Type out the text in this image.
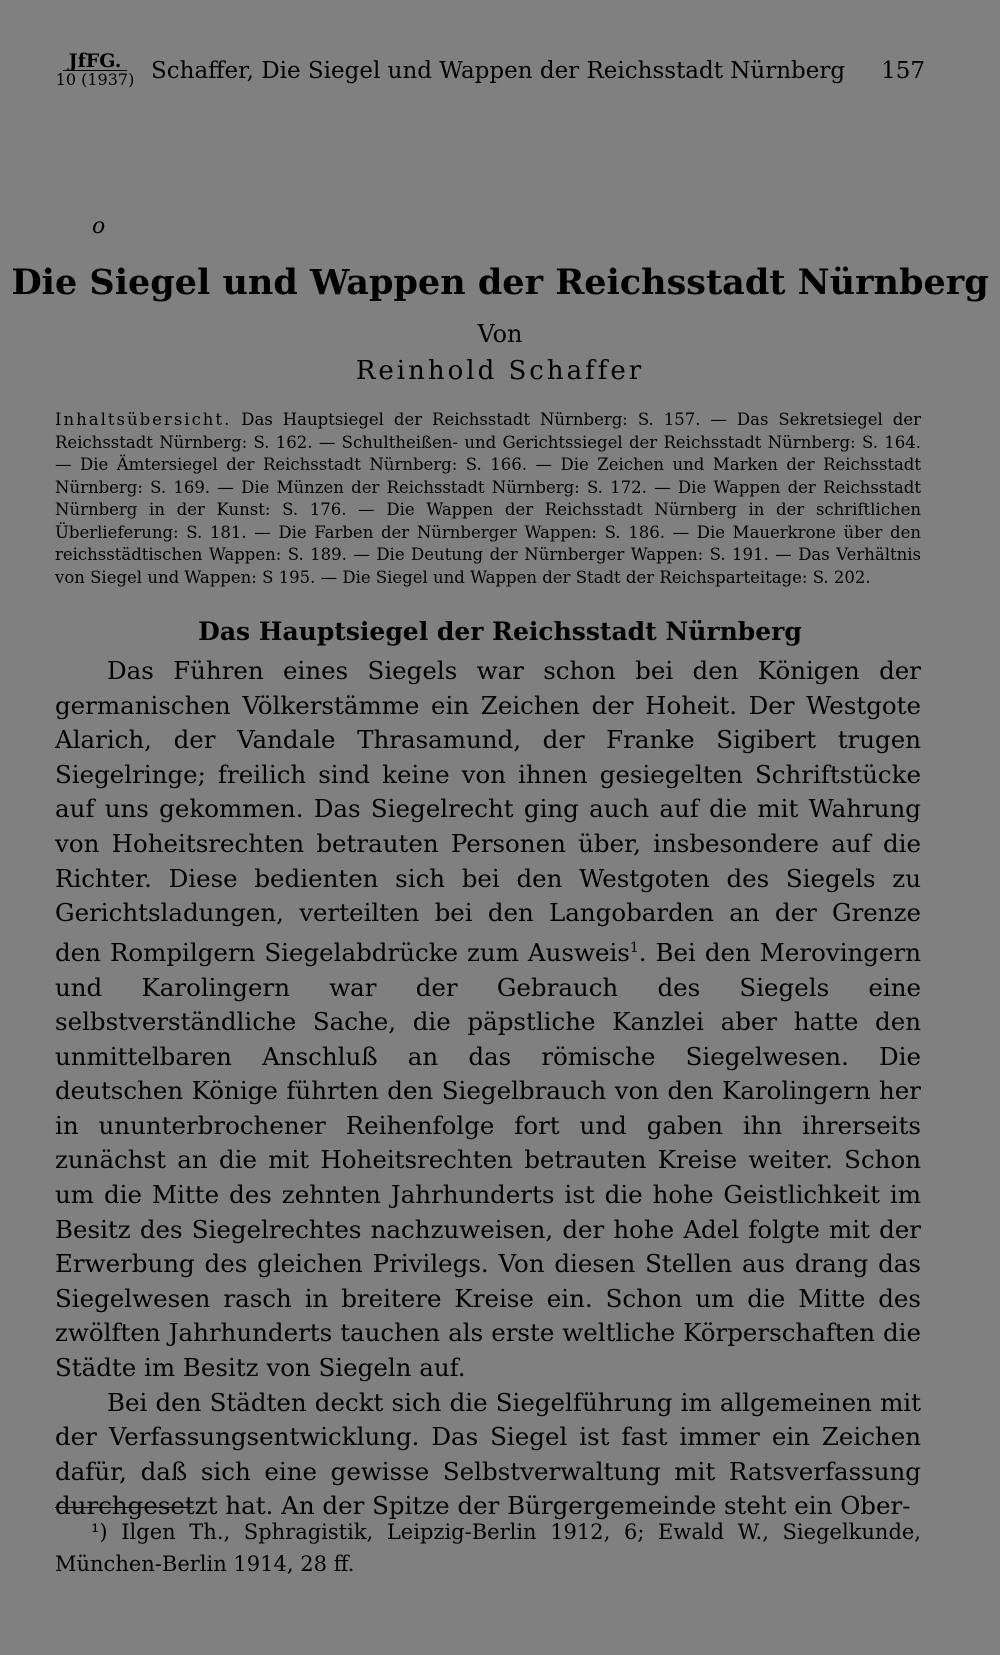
JfFG.
10 (1937) Schaffer, Die Siegel und Wappen der Reichsstadt Nürnberg 157
o
Die Siegel und Wappen der Reichsstadt Nürnberg
Von
Reinhold Schaffer
Inhaltsübersicht. Das Hauptsiegel der Reichsstadt Nürnberg: S. 157. — Das Sekretsiegel der Reichsstadt Nürnberg: S. 162. — Schultheißen- und Gerichtssiegel der Reichsstadt Nürnberg: S. 164. — Die Ämtersiegel der Reichsstadt Nürnberg: S. 166. — Die Zeichen und Marken der Reichsstadt Nürnberg: S. 169. — Die Münzen der Reichsstadt Nürnberg: S. 172. — Die Wappen der Reichsstadt Nürnberg in der Kunst: S. 176. — Die Wappen der Reichsstadt Nürnberg in der schriftlichen Überlieferung: S. 181. — Die Farben der Nürnberger Wappen: S. 186. — Die Mauerkrone über den reichsstädtischen Wappen: S. 189. — Die Deutung der Nürnberger Wappen: S. 191. — Das Verhältnis von Siegel und Wappen: S 195. — Die Siegel und Wappen der Stadt der Reichsparteitage: S. 202.
Das Hauptsiegel der Reichsstadt Nürnberg

Das Führen eines Siegels war schon bei den Königen der germanischen Völkerstämme ein Zeichen der Hoheit. Der Westgote Alarich, der Vandale Thrasamund, der Franke Sigibert trugen Siegelringe; freilich sind keine von ihnen gesiegelten Schriftstücke auf uns gekommen. Das Siegelrecht ging auch auf die mit Wahrung von Hoheitsrechten betrauten Personen über, insbesondere auf die Richter. Diese bedienten sich bei den Westgoten des Siegels zu Gerichtsladungen, verteilten bei den Langobarden an der Grenze den Rompilgern Siegelabdrücke zum Ausweis$^1$. Bei den Merovingern und Karolingern war der Gebrauch des Siegels eine selbstverständliche Sache, die päpstliche Kanzlei aber hatte den unmittelbaren Anschluß an das römische Siegelwesen. Die deutschen Könige führten den Siegelbrauch von den Karolingern her in ununterbrochener Reihenfolge fort und gaben ihn ihrerseits zunächst an die mit Hoheitsrechten betrauten Kreise weiter. Schon um die Mitte des zehnten Jahrhunderts ist die hohe Geistlichkeit im Besitz des Siegelrechtes nachzuweisen, der hohe Adel folgte mit der Erwerbung des gleichen Privilegs. Von diesen Stellen aus drang das Siegelwesen rasch in breitere Kreise ein. Schon um die Mitte des zwölften Jahrhunderts tauchen als erste weltliche Körperschaften die Städte im Besitz von Siegeln auf.

Bei den Städten deckt sich die Siegelführung im allgemeinen mit der Verfassungsentwicklung. Das Siegel ist fast immer ein Zeichen dafür, daß sich eine gewisse Selbstverwaltung mit Ratsverfassung durchgesetzt hat. An der Spitze der Bürgergemeinde steht ein Ober-

¹) Ilgen Th., Sphragistik, Leipzig-Berlin 1912, 6; Ewald W., Siegelkunde, München-Berlin 1914, 28 ff.
